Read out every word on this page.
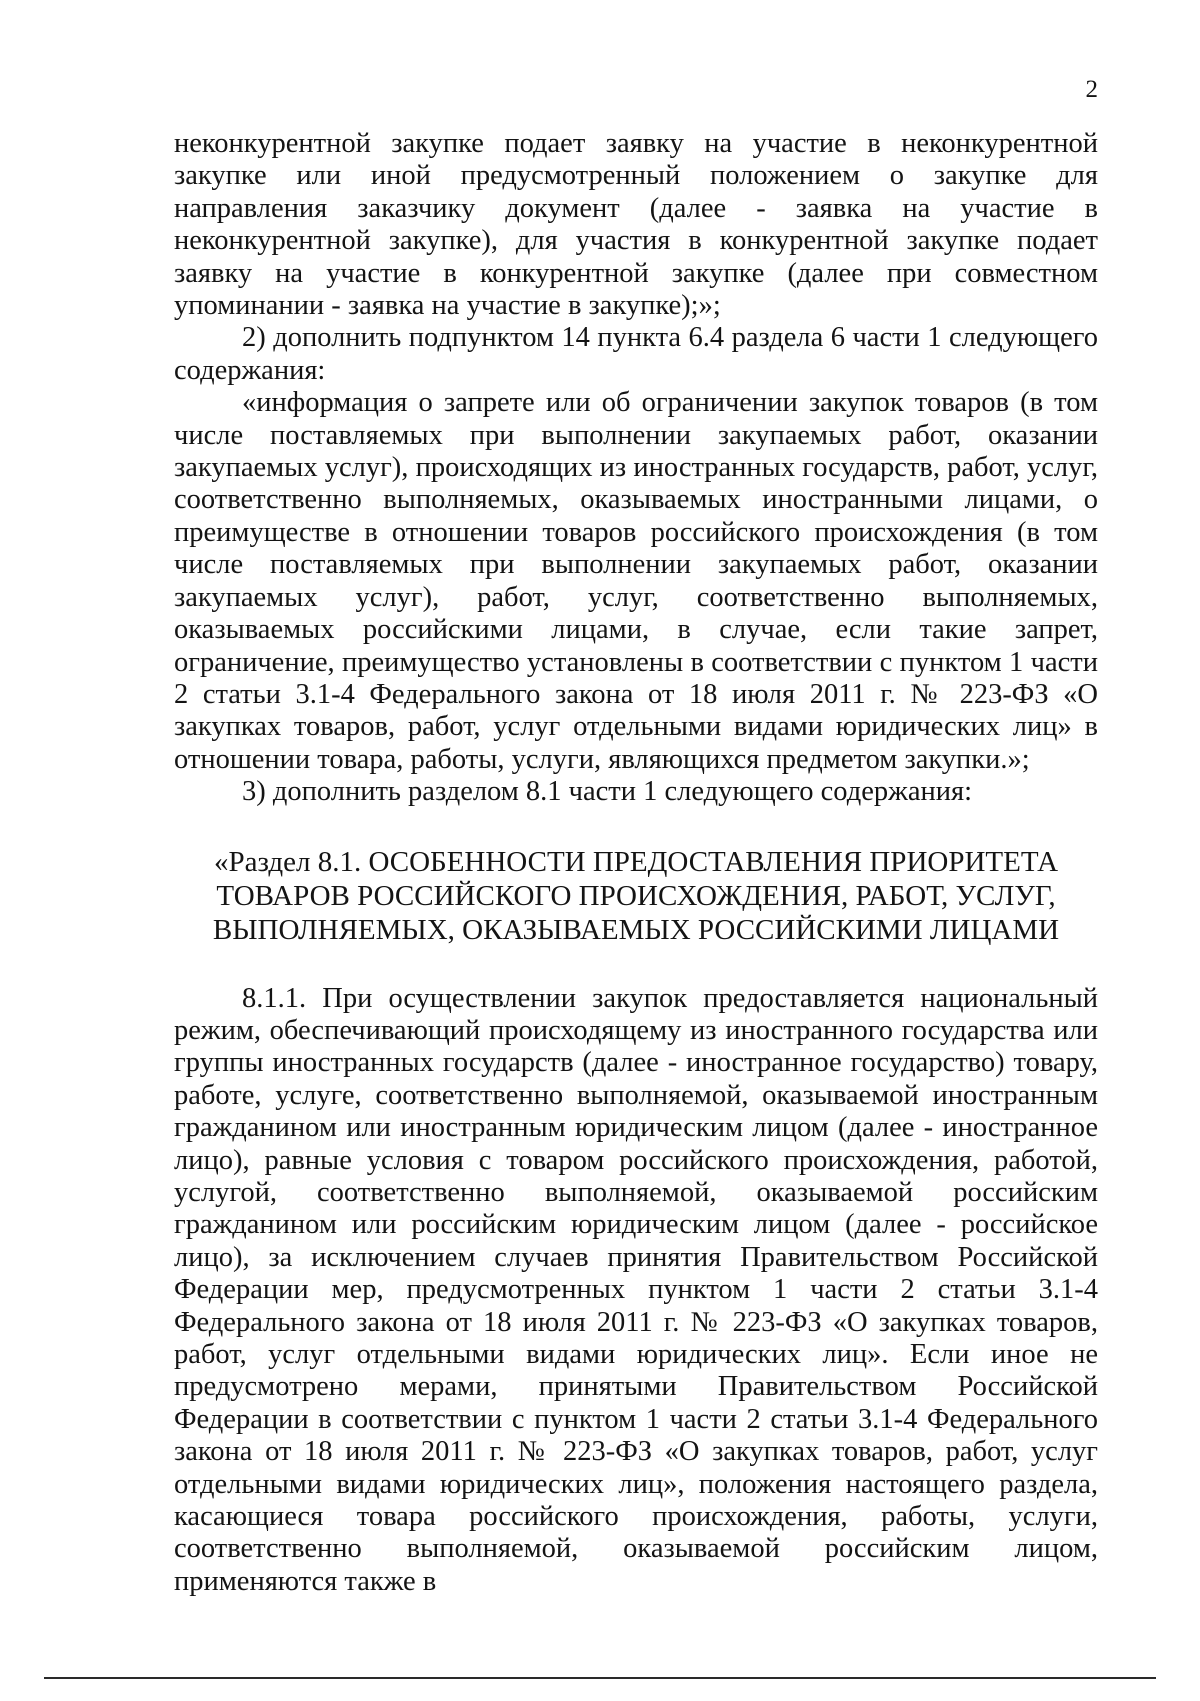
2

неконкурентной закупке подает заявку на участие в неконкурентной закупке или иной предусмотренный положением о закупке для направления заказчику документ (далее - заявка на участие в неконкурентной закупке), для участия в конкурентной закупке подает заявку на участие в конкурентной закупке (далее при совместном упоминании - заявка на участие в закупке);»;

2) дополнить подпунктом 14 пункта 6.4 раздела 6 части 1 следующего содержания:

«информация о запрете или об ограничении закупок товаров (в том числе поставляемых при выполнении закупаемых работ, оказании закупаемых услуг), происходящих из иностранных государств, работ, услуг, соответственно выполняемых, оказываемых иностранными лицами, о преимуществе в отношении товаров российского происхождения (в том числе поставляемых при выполнении закупаемых работ, оказании закупаемых услуг), работ, услуг, соответственно выполняемых, оказываемых российскими лицами, в случае, если такие запрет, ограничение, преимущество установлены в соответствии с пунктом 1 части 2 статьи 3.1-4 Федерального закона от 18 июля 2011 г. № 223-ФЗ «О закупках товаров, работ, услуг отдельными видами юридических лиц» в отношении товара, работы, услуги, являющихся предметом закупки.»;

3) дополнить разделом 8.1 части 1 следующего содержания:

«Раздел 8.1. ОСОБЕННОСТИ ПРЕДОСТАВЛЕНИЯ ПРИОРИТЕТА
ТОВАРОВ РОССИЙСКОГО ПРОИСХОЖДЕНИЯ, РАБОТ, УСЛУГ,
ВЫПОЛНЯЕМЫХ, ОКАЗЫВАЕМЫХ РОССИЙСКИМИ ЛИЦАМИ

8.1.1. При осуществлении закупок предоставляется национальный режим, обеспечивающий происходящему из иностранного государства или группы иностранных государств (далее - иностранное государство) товару, работе, услуге, соответственно выполняемой, оказываемой иностранным гражданином или иностранным юридическим лицом (далее - иностранное лицо), равные условия с товаром российского происхождения, работой, услугой, соответственно выполняемой, оказываемой российским гражданином или российским юридическим лицом (далее - российское лицо), за исключением случаев принятия Правительством Российской Федерации мер, предусмотренных пунктом 1 части 2 статьи 3.1-4 Федерального закона от 18 июля 2011 г. № 223-ФЗ «О закупках товаров, работ, услуг отдельными видами юридических лиц». Если иное не предусмотрено мерами, принятыми Правительством Российской Федерации в соответствии с пунктом 1 части 2 статьи 3.1-4 Федерального закона от 18 июля 2011 г. № 223-ФЗ «О закупках товаров, работ, услуг отдельными видами юридических лиц», положения настоящего раздела, касающиеся товара российского происхождения, работы, услуги, соответственно выполняемой, оказываемой российским лицом, применяются также в
